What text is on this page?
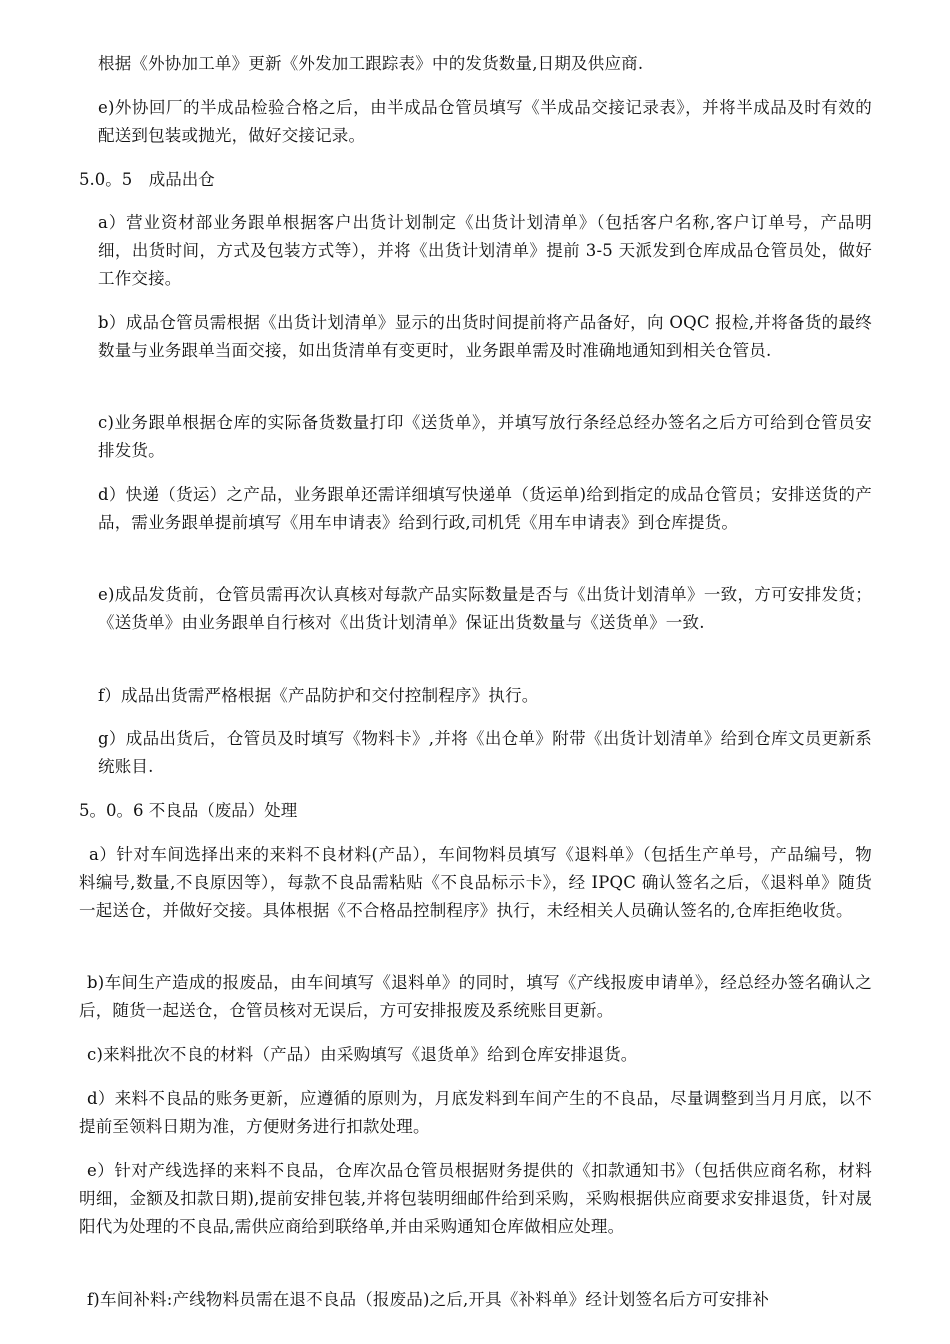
根据《外协加工单》更新《外发加工跟踪表》中的发货数量,日期及供应商.
e)外协回厂的半成品检验合格之后，由半成品仓管员填写《半成品交接记录表》，并将半成品及时有效的配送到包装或抛光，做好交接记录。
5.0。5　成品出仓
a）营业资材部业务跟单根据客户出货计划制定《出货计划清单》（包括客户名称,客户订单号，产品明细，出货时间，方式及包装方式等），并将《出货计划清单》提前 3-5 天派发到仓库成品仓管员处，做好工作交接。
b）成品仓管员需根据《出货计划清单》显示的出货时间提前将产品备好，向 OQC 报检,并将备货的最终数量与业务跟单当面交接，如出货清单有变更时，业务跟单需及时准确地通知到相关仓管员.
c)业务跟单根据仓库的实际备货数量打印《送货单》，并填写放行条经总经办签名之后方可给到仓管员安排发货。
d）快递（货运）之产品，业务跟单还需详细填写快递单（货运单)给到指定的成品仓管员；安排送货的产品，需业务跟单提前填写《用车申请表》给到行政,司机凭《用车申请表》到仓库提货。
e)成品发货前，仓管员需再次认真核对每款产品实际数量是否与《出货计划清单》一致，方可安排发货；《送货单》由业务跟单自行核对《出货计划清单》保证出货数量与《送货单》一致.
f）成品出货需严格根据《产品防护和交付控制程序》执行。
g）成品出货后，仓管员及时填写《物料卡》,并将《出仓单》附带《出货计划清单》给到仓库文员更新系统账目.
5。0。6 不良品（废品）处理
a）针对车间选择出来的来料不良材料(产品），车间物料员填写《退料单》（包括生产单号，产品编号，物料编号,数量,不良原因等），每款不良品需粘贴《不良品标示卡》，经 IPQC 确认签名之后，《退料单》随货一起送仓，并做好交接。具体根据《不合格品控制程序》执行，未经相关人员确认签名的,仓库拒绝收货。
b)车间生产造成的报废品，由车间填写《退料单》的同时，填写《产线报废申请单》，经总经办签名确认之后，随货一起送仓，仓管员核对无误后，方可安排报废及系统账目更新。
c)来料批次不良的材料（产品）由采购填写《退货单》给到仓库安排退货。
d）来料不良品的账务更新，应遵循的原则为，月底发料到车间产生的不良品，尽量调整到当月月底，以不提前至领料日期为准，方便财务进行扣款处理。
e）针对产线选择的来料不良品，仓库次品仓管员根据财务提供的《扣款通知书》（包括供应商名称，材料明细，金额及扣款日期),提前安排包装,并将包装明细邮件给到采购，采购根据供应商要求安排退货，针对晟阳代为处理的不良品,需供应商给到联络单,并由采购通知仓库做相应处理。
f)车间补料:产线物料员需在退不良品（报废品)之后,开具《补料单》经计划签名后方可安排补
